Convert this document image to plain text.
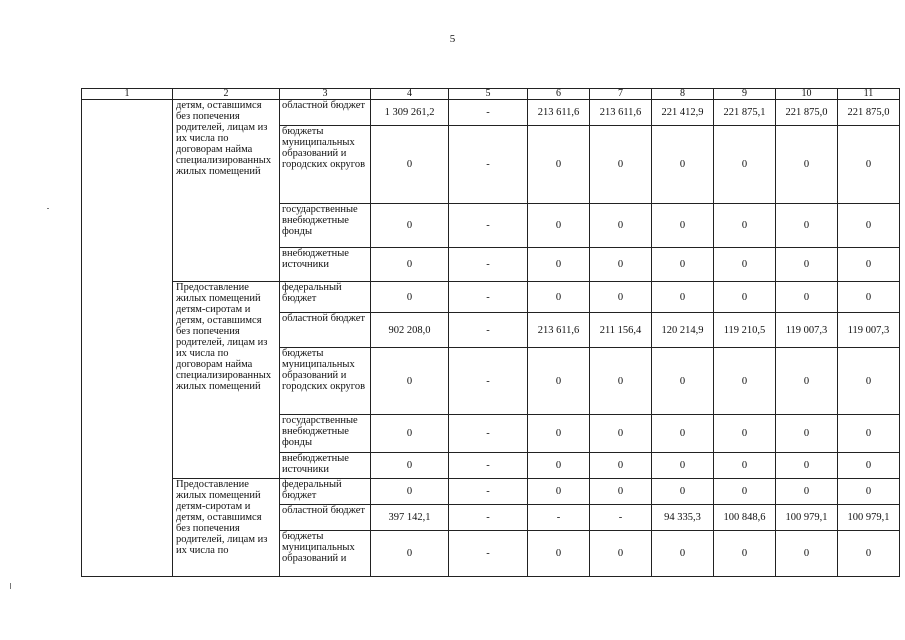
5
1	2	3	4	5	6	7	8	9	10	11
	детям, оставшимся без попечения родителей, лицам из их числа по договорам найма специализированных жилых помещений	областной бюджет	1 309 261,2	-	213 611,6	213 611,6	221 412,9	221 875,1	221 875,0	221 875,0
		бюджеты муниципальных образований и городских округов	0	-	0	0	0	0	0	0
		государственные внебюджетные фонды	0	-	0	0	0	0	0	0
		внебюджетные источники	0	-	0	0	0	0	0	0
	Предоставление жилых помещений детям-сиротам и детям, оставшимся без попечения родителей, лицам из их числа по договорам найма специализированных жилых помещений	федеральный бюджет	0	-	0	0	0	0	0	0
		областной бюджет	902 208,0	-	213 611,6	211 156,4	120 214,9	119 210,5	119 007,3	119 007,3
		бюджеты муниципальных образований и городских округов	0	-	0	0	0	0	0	0
		государственные внебюджетные фонды	0	-	0	0	0	0	0	0
		внебюджетные источники	0	-	0	0	0	0	0	0
	Предоставление жилых помещений детям-сиротам и детям, оставшимся без попечения родителей, лицам из их числа по	федеральный бюджет	0	-	0	0	0	0	0	0
		областной бюджет	397 142,1	-	-	-	94 335,3	100 848,6	100 979,1	100 979,1
		бюджеты муниципальных образований и	0	-	0	0	0	0	0	0
